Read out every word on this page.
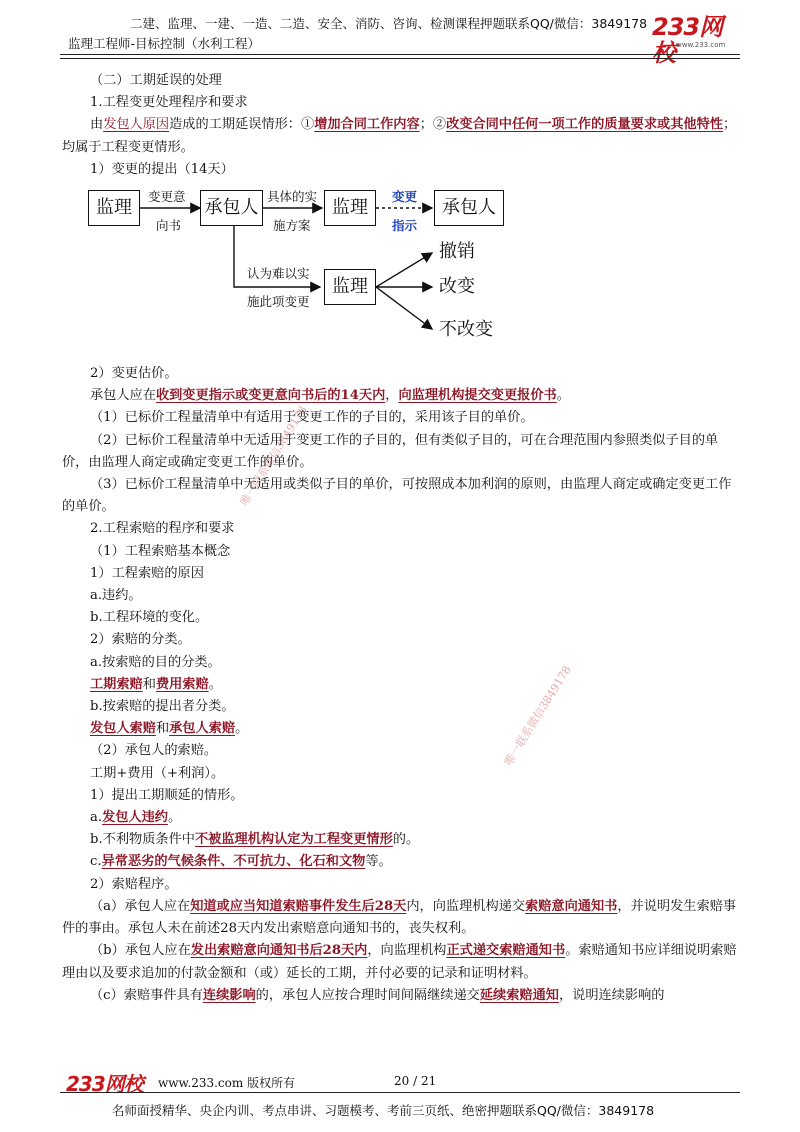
二建、监理、一建、一造、二造、安全、消防、咨询、检测课程押题联系QQ/微信：3849178
监理工程师-目标控制（水利工程）
233网校 www.233.com
唯一联系微信3849178
唯一联系微信3849178

（二）工期延误的处理

1.工程变更处理程序和要求

由发包人原因造成的工期延误情形：①增加合同工作内容；②改变合同中任何一项工作的质量要求或其他特性；均属于工程变更情形。

1）变更的提出（14天）

监理	承包人	监理	承包人
监理
变更意
向书
具体的实
施方案
变更
指示
认为难以实
施此项变更
撤销
改变
不改变

2）变更估价。

承包人应在收到变更指示或变更意向书后的14天内，向监理机构提交变更报价书。

（1）已标价工程量清单中有适用于变更工作的子目的，采用该子目的单价。

（2）已标价工程量清单中无适用于变更工作的子目的，但有类似子目的，可在合理范围内参照类似子目的单价，由监理人商定或确定变更工作的单价。

（3）已标价工程量清单中无适用或类似子目的单价，可按照成本加利润的原则，由监理人商定或确定变更工作的单价。

2.工程索赔的程序和要求

（1）工程索赔基本概念

1）工程索赔的原因

a.违约。

b.工程环境的变化。

2）索赔的分类。

a.按索赔的目的分类。

工期索赔和费用索赔。

b.按索赔的提出者分类。

发包人索赔和承包人索赔。

（2）承包人的索赔。

工期+费用（+利润）。

1）提出工期顺延的情形。

a.发包人违约。

b.不利物质条件中不被监理机构认定为工程变更情形的。

c.异常恶劣的气候条件、不可抗力、化石和文物等。

2）索赔程序。

（a）承包人应在知道或应当知道索赔事件发生后28天内，向监理机构递交索赔意向通知书，并说明发生索赔事件的事由。承包人未在前述28天内发出索赔意向通知书的，丧失权利。

（b）承包人应在发出索赔意向通知书后28天内，向监理机构正式递交索赔通知书。索赔通知书应详细说明索赔理由以及要求追加的付款金额和（或）延长的工期，并付必要的记录和证明材料。

（c）索赔事件具有连续影响的，承包人应按合理时间间隔继续递交延续索赔通知，说明连续影响的

233网校 www.233.com 版权所有	20 / 21
名师面授精华、央企内训、考点串讲、习题模考、考前三页纸、绝密押题联系QQ/微信：3849178
